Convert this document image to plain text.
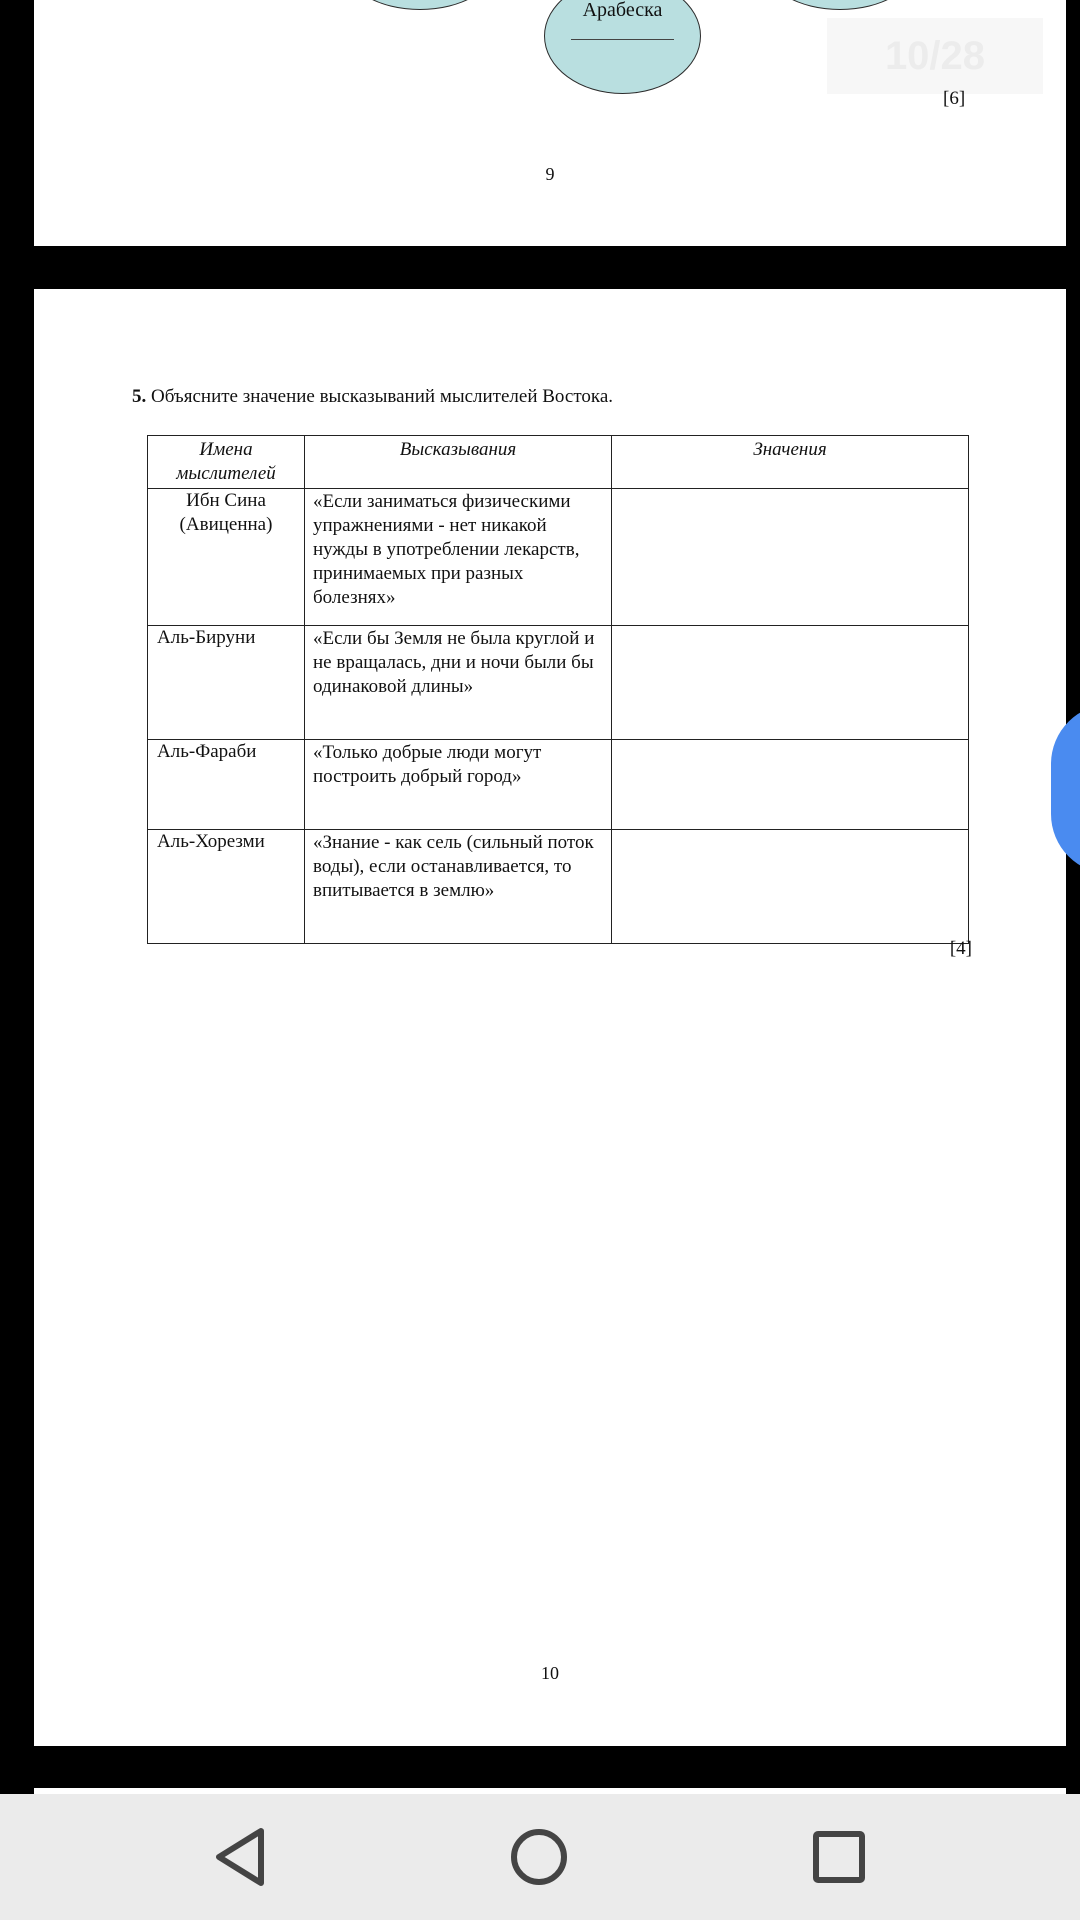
Арабеска
10/28
[6]
9
5. Объясните значение высказываний мыслителей Востока.
Имена мыслителей	Высказывания	Значения
Ибн Сина (Авиценна)	«Если заниматься физическими упражнениями - нет никакой нужды в употреблении лекарств, принимаемых при разных болезнях»	
Аль-Бируни	«Если бы Земля не была круглой и не вращалась, дни и ночи были бы одинаковой длины»	
Аль-Фараби	«Только добрые люди могут построить добрый город»	
Аль-Хорезми	«Знание - как сель (сильный поток воды), если останавливается, то впитывается в землю»	
[4]
10
